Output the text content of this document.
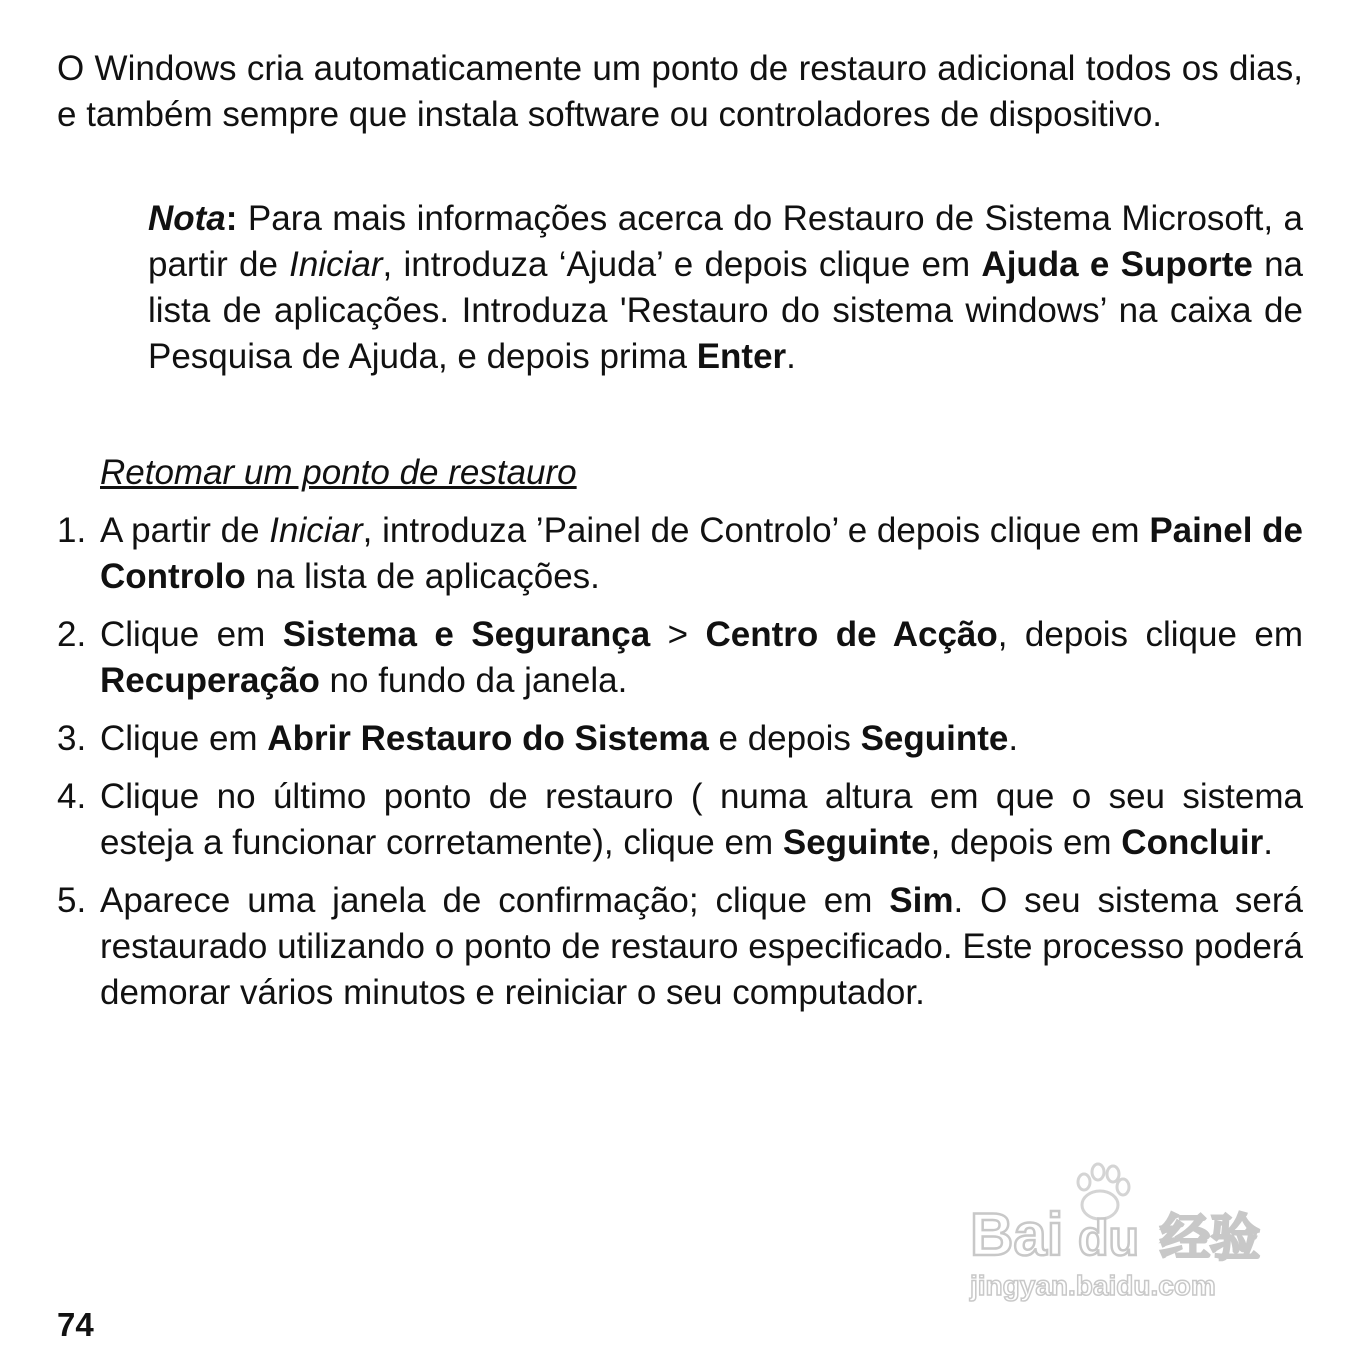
O Windows cria automaticamente um ponto de restauro adicional todos os dias, e também sempre que instala software ou controladores de dispositivo.

Nota: Para mais informações acerca do Restauro de Sistema Microsoft, a partir de Iniciar, introduza ‘Ajuda’ e depois clique em Ajuda e Suporte na lista de aplicações. Introduza 'Restauro do sistema windows’ na caixa de Pesquisa de Ajuda, e depois prima Enter.

Retomar um ponto de restauro
1. A partir de Iniciar, introduza ’Painel de Controlo’ e depois clique em Painel de Controlo na lista de aplicações.
2. Clique em Sistema e Segurança > Centro de Acção, depois clique em Recuperação no fundo da janela.
3. Clique em Abrir Restauro do Sistema e depois Seguinte.
4. Clique no último ponto de restauro ( numa altura em que o seu sistema esteja a funcionar corretamente), clique em Seguinte, depois em Concluir.
5. Aparece uma janela de confirmação; clique em Sim. O seu sistema será restaurado utilizando o ponto de restauro especificado. Este processo poderá demorar vários minutos e reiniciar o seu computador.
Bai du 经验
jingyan.baidu.com
74
